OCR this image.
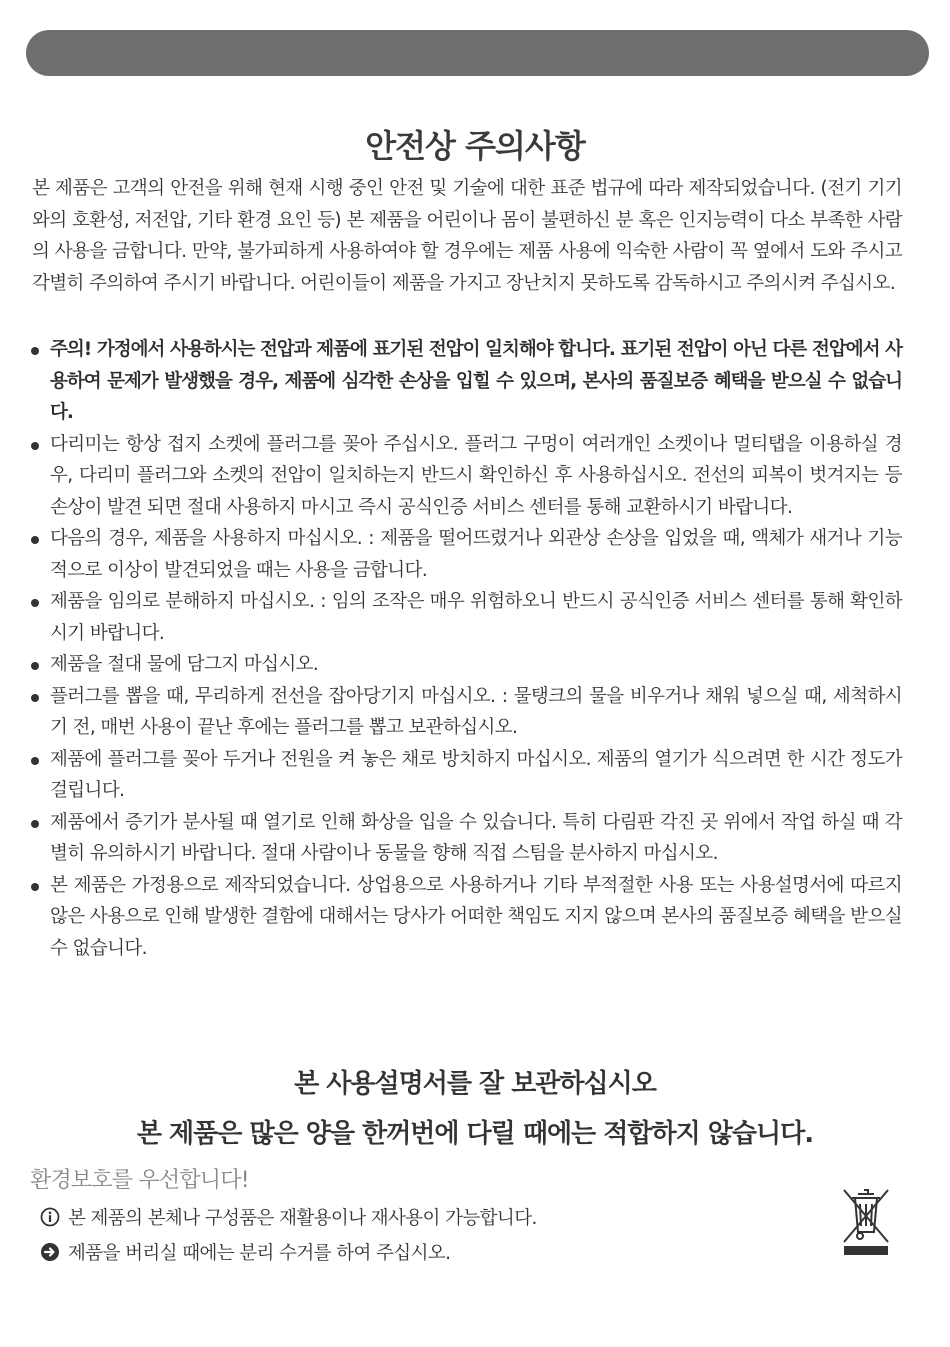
안전상 주의사항

본 제품은 고객의 안전을 위해 현재 시행 중인 안전 및 기술에 대한 표준 법규에 따라 제작되었습니다. (전기 기기와의 호환성, 저전압, 기타 환경 요인 등) 본 제품을 어린이나 몸이 불편하신 분 혹은 인지능력이 다소 부족한 사람의 사용을 금합니다. 만약, 불가피하게 사용하여야 할 경우에는 제품 사용에 익숙한 사람이 꼭 옆에서 도와 주시고 각별히 주의하여 주시기 바랍니다. 어린이들이 제품을 가지고 장난치지 못하도록 감독하시고 주의시켜 주십시오.

주의! 가정에서 사용하시는 전압과 제품에 표기된 전압이 일치해야 합니다. 표기된 전압이 아닌 다른 전압에서 사용하여 문제가 발생했을 경우, 제품에 심각한 손상을 입힐 수 있으며, 본사의 품질보증 혜택을 받으실 수 없습니다.
다리미는 항상 접지 소켓에 플러그를 꽂아 주십시오. 플러그 구멍이 여러개인 소켓이나 멀티탭을 이용하실 경우, 다리미 플러그와 소켓의 전압이 일치하는지 반드시 확인하신 후 사용하십시오. 전선의 피복이 벗겨지는 등 손상이 발견 되면 절대 사용하지 마시고 즉시 공식인증 서비스 센터를 통해 교환하시기 바랍니다.
다음의 경우, 제품을 사용하지 마십시오. : 제품을 떨어뜨렸거나 외관상 손상을 입었을 때, 액체가 새거나 기능적으로 이상이 발견되었을 때는 사용을 금합니다.
제품을 임의로 분해하지 마십시오. : 임의 조작은 매우 위험하오니 반드시 공식인증 서비스 센터를 통해 확인하시기 바랍니다.
제품을 절대 물에 담그지 마십시오.
플러그를 뽑을 때, 무리하게 전선을 잡아당기지 마십시오. : 물탱크의 물을 비우거나 채워 넣으실 때, 세척하시기 전, 매번 사용이 끝난 후에는 플러그를 뽑고 보관하십시오.
제품에 플러그를 꽂아 두거나 전원을 켜 놓은 채로 방치하지 마십시오. 제품의 열기가 식으려면 한 시간 정도가 걸립니다.
제품에서 증기가 분사될 때 열기로 인해 화상을 입을 수 있습니다. 특히 다림판 각진 곳 위에서 작업 하실 때 각별히 유의하시기 바랍니다. 절대 사람이나 동물을 향해 직접 스팀을 분사하지 마십시오.
본 제품은 가정용으로 제작되었습니다. 상업용으로 사용하거나 기타 부적절한 사용 또는 사용설명서에 따르지 않은 사용으로 인해 발생한 결함에 대해서는 당사가 어떠한 책임도 지지 않으며 본사의 품질보증 혜택을 받으실 수 없습니다.
본 사용설명서를 잘 보관하십시오
본 제품은 많은 양을 한꺼번에 다릴 때에는 적합하지 않습니다.
환경보호를 우선합니다!
본 제품의 본체나 구성품은 재활용이나 재사용이 가능합니다.
제품을 버리실 때에는 분리 수거를 하여 주십시오.
